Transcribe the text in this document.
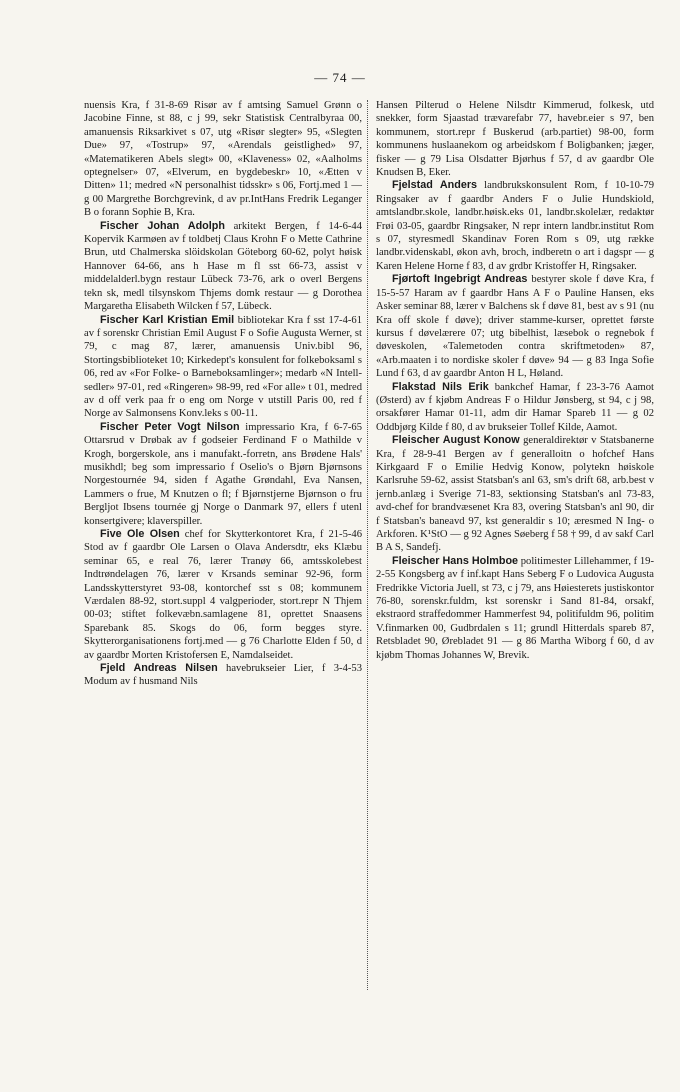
— 74 —

nuensis Kra, f 31-8-69 Risør av f amtsing Samuel Grønn o Jacobine Finne, st 88, c j 99, sekr Statistisk Centralbyraa 00, amanuensis Riksarkivet s 07, utg «Risør slegter» 95, «Slegten Due» 97, «Tostrup» 97, «Arendals geistlighed» 97, «Matematikeren Abels slegt» 00, «Klaveness» 02, «Aalholms optegnelser» 07, «Elverum, en bygdebeskr» 10, «Ætten v Ditten» 11; medred «N personalhist tidsskr» s 06, Fortj.med 1 — g 00 Margrethe Borchgrevink, d av pr.IntHans Fredrik Leganger B o forann Sophie B, Kra.

Fischer Johan Adolph arkitekt Bergen, f 14-6-44 Kopervik Karmøen av f toldbetj Claus Krohn F o Mette Cathrine Brun, utd Chalmerska slöidskolan Göteborg 60-62, polyt høisk Hannover 64-66, ans h Hase m fl sst 66-73, assist v middelalderl.bygn restaur Lübeck 73-76, ark o overl Bergens tekn sk, medl tilsynskom Thjems domk restaur — g Dorothea Margaretha Elisabeth Wilcken f 57, Lübeck.

Fischer Karl Kristian Emil bibliotekar Kra f sst 17-4-61 av f sorenskr Christian Emil August F o Sofie Augusta Werner, st 79, c mag 87, lærer, amanuensis Univ.bibl 96, Stortingsbiblioteket 10; Kirkedept's konsulent for folkeboksaml s 06, red av «For Folke- o Barneboksamlinger»; medarb «N Intell-sedler» 97-01, red «Ringeren» 98-99, red «For alle» t 01, medred av d off verk paa fr o eng om Norge v utstill Paris 00, red f Norge av Salmonsens Konv.leks s 00-11.

Fischer Peter Vogt Nilson impressario Kra, f 6-7-65 Ottarsrud v Drøbak av f godseier Ferdinand F o Mathilde v Krogh, borgerskole, ans i manufakt.-forretn, ans Brødene Hals' musikhdl; beg som impressario f Oselio's o Bjørn Bjørnsons Norgestournée 94, siden f Agathe Grøndahl, Eva Nansen, Lammers o frue, M Knutzen o fl; f Bjørnstjerne Bjørnson o fru Bergljot Ibsens tournée gj Norge o Danmark 97, ellers f utenl konsertgivere; klaverspiller.

Five Ole Olsen chef for Skytterkontoret Kra, f 21-5-46 Stod av f gaardbr Ole Larsen o Olava Andersdtr, eks Klæbu seminar 65, e real 76, lærer Tranøy 66, amtsskolebest Indtrøndelagen 76, lærer v Krsands seminar 92-96, form Landsskytterstyret 93-08, kontorchef sst s 08; kommunem Værdalen 88-92, stort.suppl 4 valgperioder, stort.repr N Thjem 00-03; stiftet folkevæbn.samlagene 81, oprettet Snaasens Sparebank 85. Skogs do 06, form begges styre. Skytterorganisationens fortj.med — g 76 Charlotte Elden f 50, d av gaardbr Morten Kristofersen E, Namdalseidet.

Fjeld Andreas Nilsen havebrukseier Lier, f 3-4-53 Modum av f husmand Nils

Hansen Pilterud o Helene Nilsdtr Kimmerud, folkesk, utd snekker, form Sjaastad trævarefabr 77, havebr.eier s 97, ben kommunem, stort.repr f Buskerud (arb.partiet) 98-00, form kommunens huslaanekom og arbeidskom f Boligbanken; jæger, fisker — g 79 Lisa Olsdatter Bjørhus f 57, d av gaardbr Ole Knudsen B, Eker.

Fjelstad Anders landbrukskonsulent Rom, f 10-10-79 Ringsaker av f gaardbr Anders F o Julie Hundskiold, amtslandbr.skole, landbr.høisk.eks 01, landbr.skolelær, redaktør Frøi 03-05, gaardbr Ringsaker, N repr intern landbr.institut Rom s 07, styresmedl Skandinav Foren Rom s 09, utg række landbr.videnskabl, økon avh, broch, indberetn o art i dagspr — g Karen Helene Horne f 83, d av grdbr Kristoffer H, Ringsaker.

Fjørtoft Ingebrigt Andreas bestyrer skole f døve Kra, f 15-5-57 Haram av f gaardbr Hans A F o Pauline Hansen, eks Asker seminar 88, lærer v Balchens sk f døve 81, best av s 91 (nu Kra off skole f døve); driver stamme-kurser, oprettet første kursus f døvelærere 07; utg bibelhist, læsebok o regnebok f døveskolen, «Talemetoden contra skriftmetoden» 87, «Arb.maaten i to nordiske skoler f døve» 94 — g 83 Inga Sofie Lund f 63, d av gaardbr Anton H L, Høland.

Flakstad Nils Erik bankchef Hamar, f 23-3-76 Aamot (Østerd) av f kjøbm Andreas F o Hildur Jønsberg, st 94, c j 98, orsakfører Hamar 01-11, adm dir Hamar Spareb 11 — g 02 Oddbjørg Kilde f 80, d av brukseier Tollef Kilde, Aamot.

Fleischer August Konow generaldirektør v Statsbanerne Kra, f 28-9-41 Bergen av f generalloitn o hofchef Hans Kirkgaard F o Emilie Hedvig Konow, polytekn høiskole Karlsruhe 59-62, assist Statsban's anl 63, sm's drift 68, arb.best v jernb.anlæg i Sverige 71-83, sektionsing Statsban's anl 73-83, avd-chef for brandvæsenet Kra 83, overing Statsban's anl 90, dir f Statsban's baneavd 97, kst generaldir s 10; æresmed N Ing- o Arkforen. K¹StO — g 92 Agnes Søeberg f 58 † 99, d av sakf Carl B A S, Sandefj.

Fleischer Hans Holmboe politimester Lillehammer, f 19-2-55 Kongsberg av f inf.kapt Hans Seberg F o Ludovica Augusta Fredrikke Victoria Juell, st 73, c j 79, ans Høiesterets justiskontor 76-80, sorenskr.fuldm, kst sorenskr i Sand 81-84, orsakf, ekstraord straffedommer Hammerfest 94, politifuldm 96, politim V.finmarken 00, Gudbrdalen s 11; grundl Hitterdals spareb 87, Retsbladet 90, Ørebladet 91 — g 86 Martha Wiborg f 60, d av kjøbm Thomas Johannes W, Brevik.
